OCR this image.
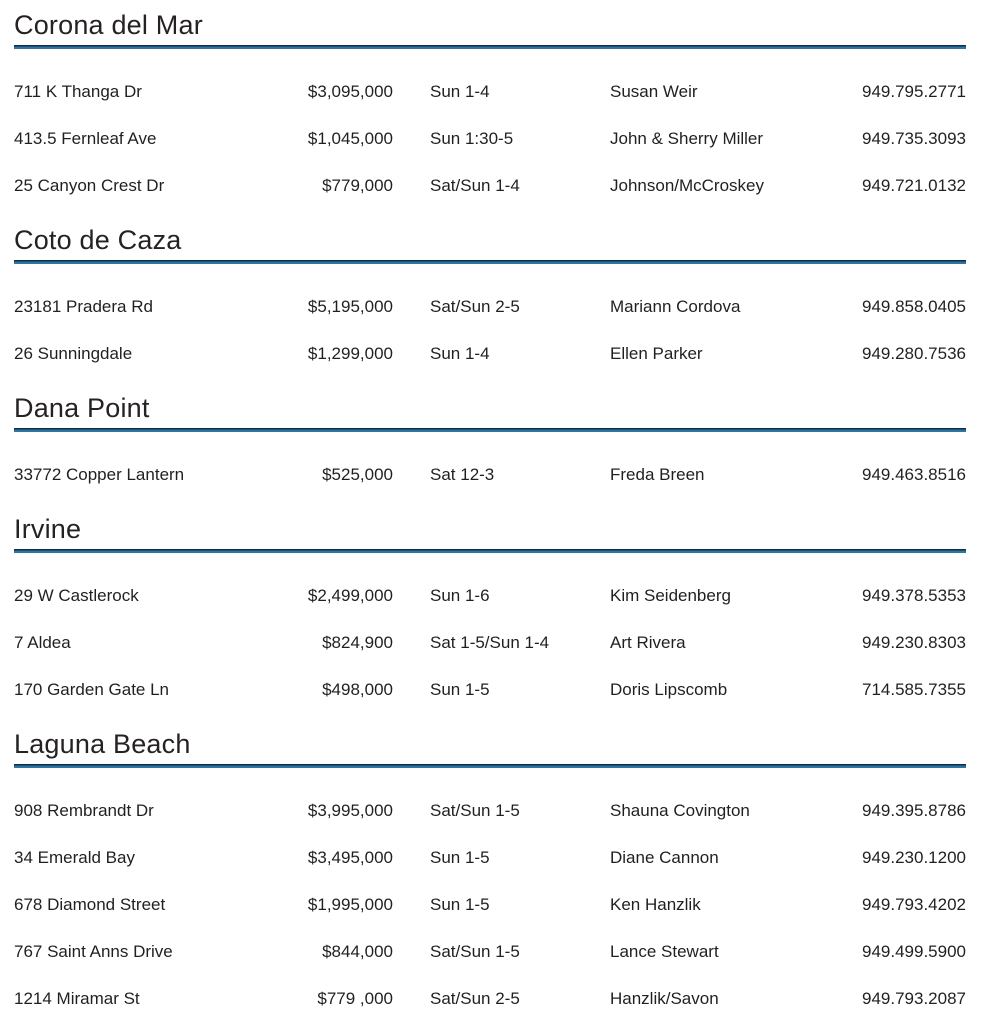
Corona del Mar
711 K Thanga Dr	$3,095,000	Sun 1-4	Susan Weir	949.795.2771
413.5 Fernleaf Ave	$1,045,000	Sun 1:30-5	John & Sherry Miller	949.735.3093
25 Canyon Crest Dr	$779,000	Sat/Sun 1-4	Johnson/McCroskey	949.721.0132
Coto de Caza
23181 Pradera Rd	$5,195,000	Sat/Sun 2-5	Mariann Cordova	949.858.0405
26 Sunningdale	$1,299,000	Sun 1-4	Ellen Parker	949.280.7536
Dana Point
33772 Copper Lantern	$525,000	Sat 12-3	Freda Breen	949.463.8516
Irvine
29 W Castlerock	$2,499,000	Sun 1-6	Kim Seidenberg	949.378.5353
7 Aldea	$824,900	Sat 1-5/Sun 1-4	Art Rivera	949.230.8303
170 Garden Gate Ln	$498,000	Sun 1-5	Doris Lipscomb	714.585.7355
Laguna Beach
908 Rembrandt Dr	$3,995,000	Sat/Sun 1-5	Shauna Covington	949.395.8786
34 Emerald Bay	$3,495,000	Sun 1-5	Diane Cannon	949.230.1200
678 Diamond Street	$1,995,000	Sun 1-5	Ken Hanzlik	949.793.4202
767 Saint Anns Drive	$844,000	Sat/Sun 1-5	Lance Stewart	949.499.5900
1214 Miramar St	$779 ,000	Sat/Sun 2-5	Hanzlik/Savon	949.793.2087
